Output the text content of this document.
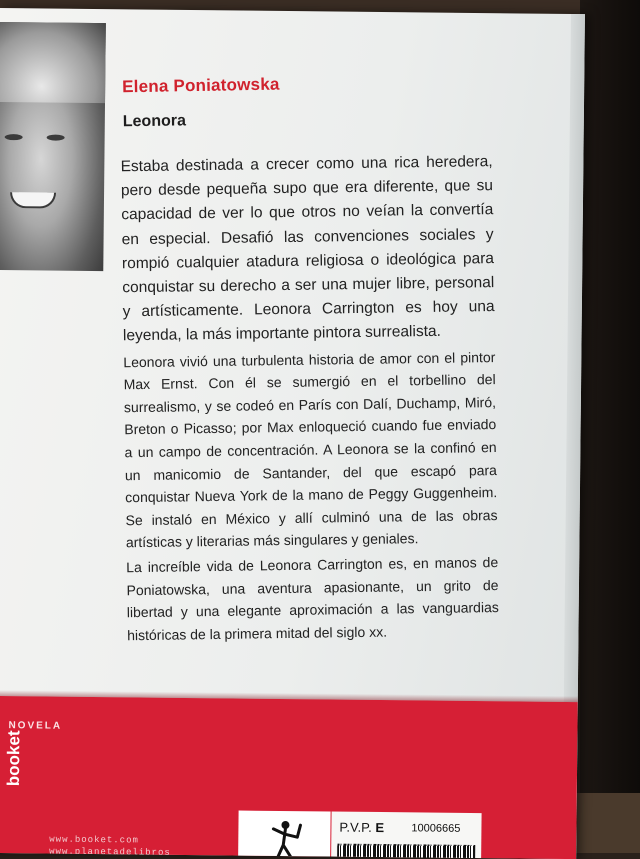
Elena Poniatowska
Leonora

Estaba destinada a crecer como una rica heredera, pero desde pequeña supo que era diferente, que su capacidad de ver lo que otros no veían la convertía en especial. Desafió las convenciones sociales y rompió cualquier atadura religiosa o ideológica para conquistar su derecho a ser una mujer libre, personal y artísticamente. Leonora Carrington es hoy una leyenda, la más importante pintora surrealista.

Leonora vivió una turbulenta historia de amor con el pintor Max Ernst. Con él se sumergió en el torbellino del surrealismo, y se codeó en París con Dalí, Duchamp, Miró, Breton o Picasso; por Max enloqueció cuando fue enviado a un campo de concentración. A Leonora se la confinó en un manicomio de Santander, del que escapó para conquistar Nueva York de la mano de Peggy Guggenheim. Se instaló en México y allí culminó una de las obras artísticas y literarias más singulares y geniales.

La increíble vida de Leonora Carrington es, en manos de Poniatowska, una aventura apasionante, un grito de libertad y una elegante aproximación a las vanguardias históricas de la primera mitad del siglo xx.

NOVELA

booket
www.booket.com
www.planetadelibros

P.V.P. E 10006665
